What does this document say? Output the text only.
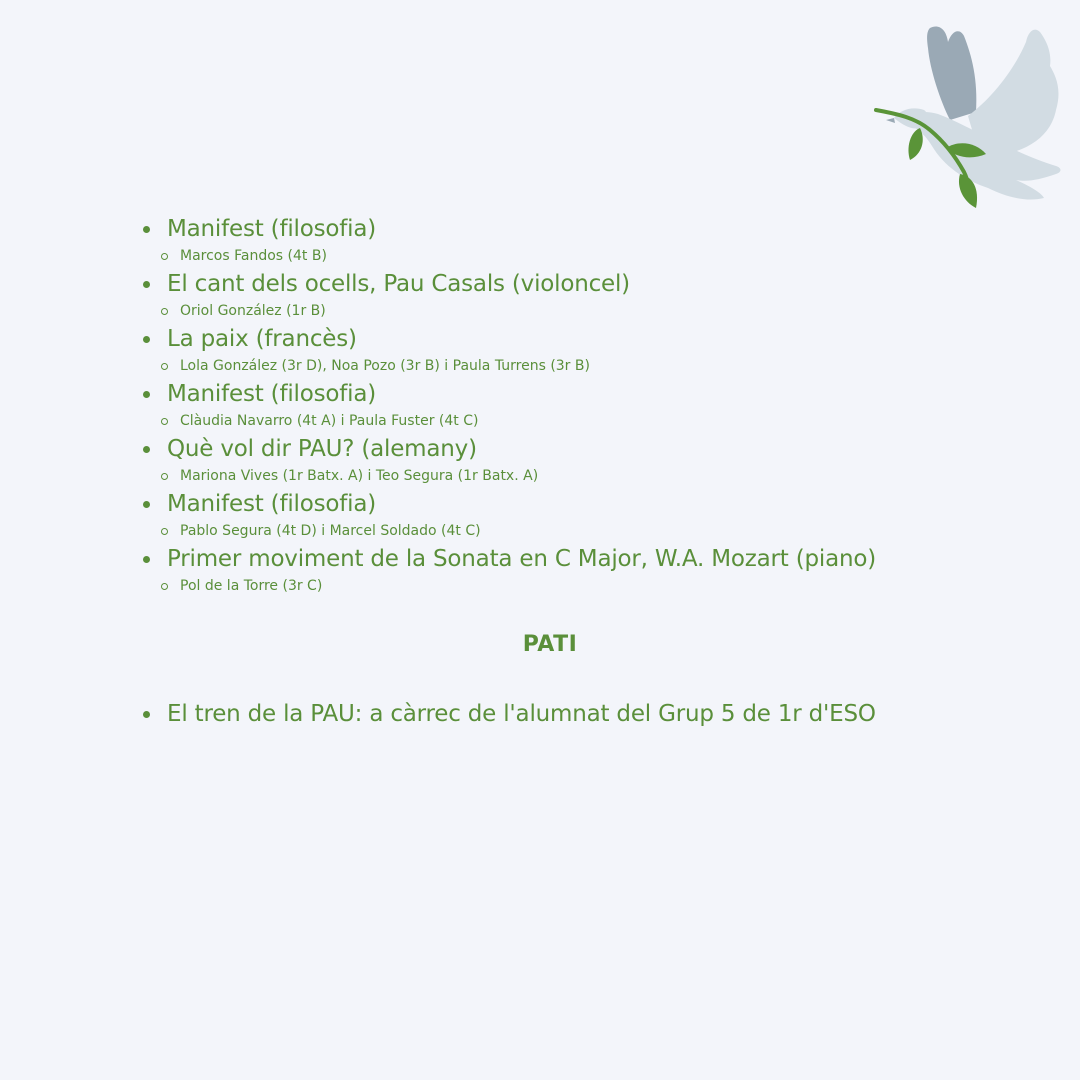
Manifest (filosofia)
Marcos Fandos (4t B)
El cant dels ocells, Pau Casals (violoncel)
Oriol González (1r B)
La paix (francès)
Lola González (3r D), Noa Pozo (3r B) i Paula Turrens (3r B)
Manifest (filosofia)
Clàudia Navarro (4t A) i Paula Fuster (4t C)
Què vol dir PAU? (alemany)
Mariona Vives (1r Batx. A) i Teo Segura (1r Batx. A)
Manifest (filosofia)
Pablo Segura (4t D) i Marcel Soldado (4t C)
Primer moviment de la Sonata en C Major, W.A. Mozart (piano)
Pol de la Torre (3r C)
PATI
El tren de la PAU: a càrrec de l'alumnat del Grup 5 de 1r d'ESO
